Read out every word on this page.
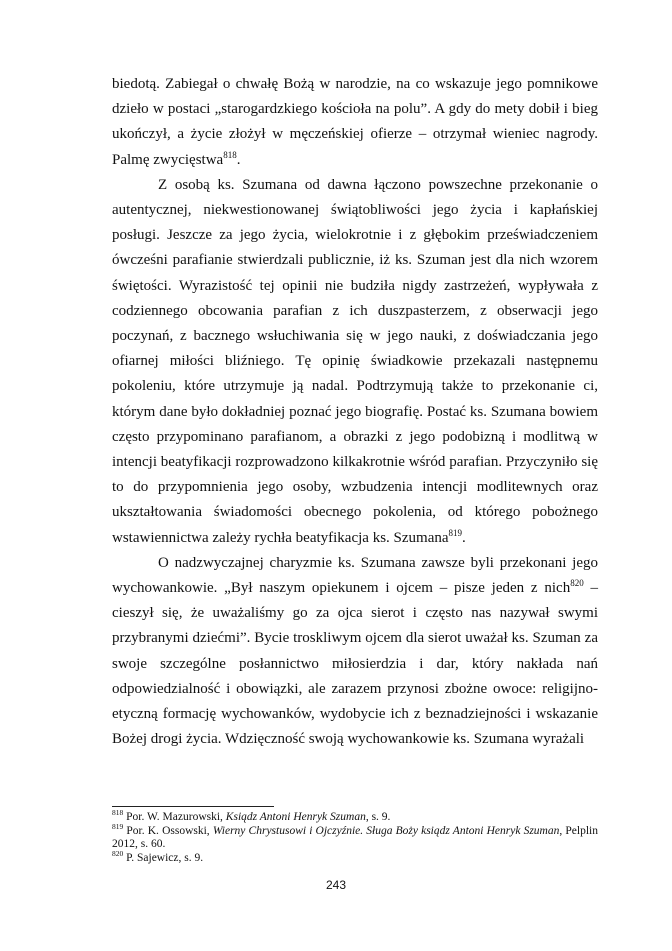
biedotą. Zabiegał o chwałę Bożą w narodzie, na co wskazuje jego pomnikowe dzieło w postaci „starogardzkiego kościoła na polu”. A gdy do mety dobił i bieg ukończył, a życie złożył w męczeńskiej ofierze – otrzymał wieniec nagrody. Palmę zwycięstwa$^{818}$.

Z osobą ks. Szumana od dawna łączono powszechne przekonanie o autentycznej, niekwestionowanej świątobliwości jego życia i kapłańskiej posługi. Jeszcze za jego życia, wielokrotnie i z głębokim przeświadczeniem ówcześni parafianie stwierdzali publicznie, iż ks. Szuman jest dla nich wzorem świętości. Wyrazistość tej opinii nie budziła nigdy zastrzeżeń, wypływała z codziennego obcowania parafian z ich duszpasterzem, z obserwacji jego poczynań, z bacznego wsłuchiwania się w jego nauki, z doświadczania jego ofiarnej miłości bliźniego. Tę opinię świadkowie przekazali następnemu pokoleniu, które utrzymuje ją nadal. Podtrzymują także to przekonanie ci, którym dane było dokładniej poznać jego biografię. Postać ks. Szumana bowiem często przypominano parafianom, a obrazki z jego podobizną i modlitwą w intencji beatyfikacji rozprowadzono kilkakrotnie wśród parafian. Przyczyniło się to do przypomnienia jego osoby, wzbudzenia intencji modlitewnych oraz ukształtowania świadomości obecnego pokolenia, od którego pobożnego wstawiennictwa zależy rychła beatyfikacja ks. Szumana$^{819}$.

O nadzwyczajnej charyzmie ks. Szumana zawsze byli przekonani jego wychowankowie. „Był naszym opiekunem i ojcem – pisze jeden z nich$^{820}$ – cieszył się, że uważaliśmy go za ojca sierot i często nas nazywał swymi przybranymi dziećmi”. Bycie troskliwym ojcem dla sierot uważał ks. Szuman za swoje szczególne posłannictwo miłosierdzia i dar, który nakłada nań odpowiedzialność i obowiązki, ale zarazem przynosi zbożne owoce: religijno-etyczną formację wychowanków, wydobycie ich z beznadziejności i wskazanie Bożej drogi życia. Wdzięczność swoją wychowankowie ks. Szumana wyrażali

$^{818}$ Por. W. Mazurowski, Ksiądz Antoni Henryk Szuman, s. 9.

$^{819}$ Por. K. Ossowski, Wierny Chrystusowi i Ojczyźnie. Sługa Boży ksiądz Antoni Henryk Szuman, Pelplin 2012, s. 60.

$^{820}$ P. Sajewicz, s. 9.

243
